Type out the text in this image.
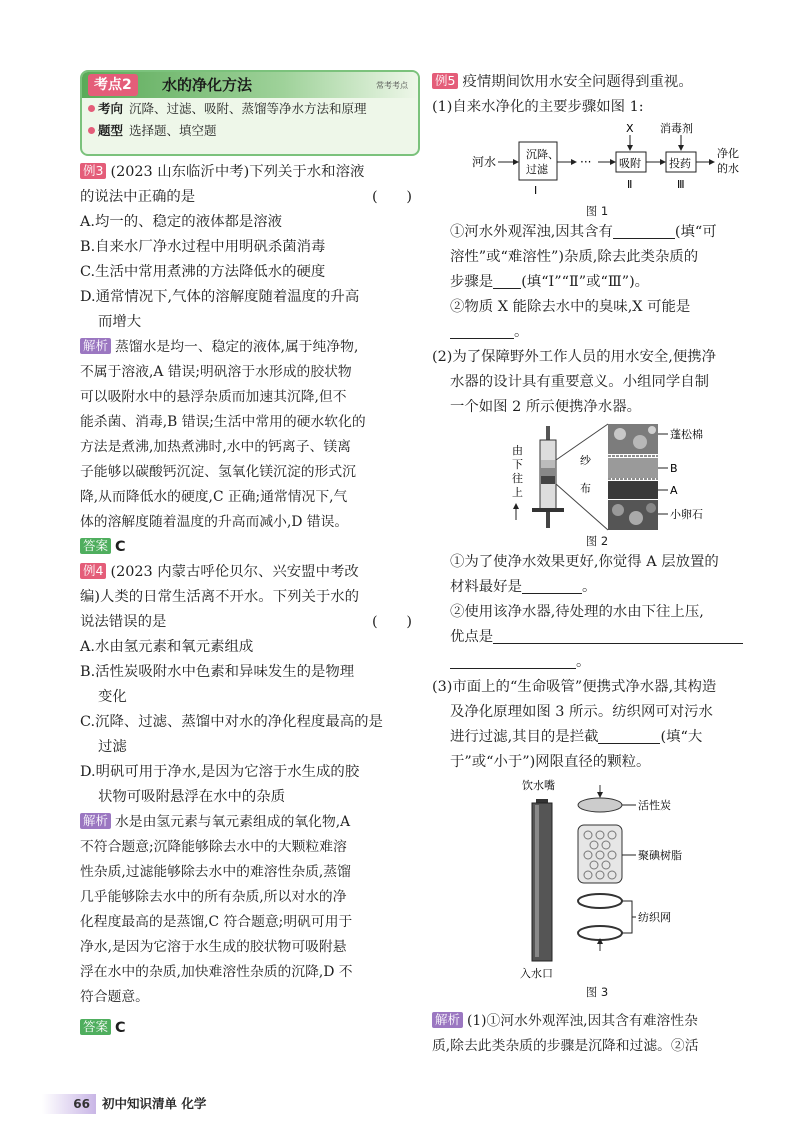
考点2	水的净化方法	常考考点
考向 沉降、过滤、吸附、蒸馏等净水方法和原理
题型 选择题、填空题
例3 (2023 山东临沂中考)下列关于水和溶液
的说法中正确的是	(　　)
A.均一的、稳定的液体都是溶液
B.自来水厂净水过程中用明矾杀菌消毒
C.生活中常用煮沸的方法降低水的硬度
D.通常情况下,气体的溶解度随着温度的升高
而增大
解析 蒸馏水是均一、稳定的液体,属于纯净物,
不属于溶液,A 错误;明矾溶于水形成的胶状物
可以吸附水中的悬浮杂质而加速其沉降,但不
能杀菌、消毒,B 错误;生活中常用的硬水软化的
方法是煮沸,加热煮沸时,水中的钙离子、镁离
子能够以碳酸钙沉淀、氢氧化镁沉淀的形式沉
降,从而降低水的硬度,C 正确;通常情况下,气
体的溶解度随着温度的升高而减小,D 错误。
答案 C
例4 (2023 内蒙古呼伦贝尔、兴安盟中考改
编)人类的日常生活离不开水。下列关于水的
说法错误的是	(　　)
A.水由氢元素和氧元素组成
B.活性炭吸附水中色素和异味发生的是物理
变化
C.沉降、过滤、蒸馏中对水的净化程度最高的是
过滤
D.明矾可用于净水,是因为它溶于水生成的胶
状物可吸附悬浮在水中的杂质
解析 水是由氢元素与氧元素组成的氧化物,A
不符合题意;沉降能够除去水中的大颗粒难溶
性杂质,过滤能够除去水中的难溶性杂质,蒸馏
几乎能够除去水中的所有杂质,所以对水的净
化程度最高的是蒸馏,C 符合题意;明矾可用于
净水,是因为它溶于水生成的胶状物可吸附悬
浮在水中的杂质,加快难溶性杂质的沉降,D 不
符合题意。
答案 C
例5 疫情期间饮用水安全问题得到重视。
(1)自来水净化的主要步骤如图 1:
河水
沉降、
过滤
Ⅰ
···
X
吸附
Ⅱ
消毒剂
投药
Ⅲ
净化
的水
图 1
①河水外观浑浊,因其含有	(填“可
溶性”或“难溶性”)杂质,除去此类杂质的
步骤是 (填“Ⅰ”“Ⅱ”或“Ⅲ”)。
②物质 X 能除去水中的臭味,X 可能是
。
(2)为了保障野外工作人员的用水安全,便携净
水器的设计具有重要意义。小组同学自制
一个如图 2 所示便携净水器。
由
下
往
上
纱
布
蓬松棉
B
A
小卵石
图 2
①为了使净水效果更好,你觉得 A 层放置的
材料最好是	。
②使用该净水器,待处理的水由下往上压,
优点是
。
(3)市面上的“生命吸管”便携式净水器,其构造
及净化原理如图 3 所示。纺织网可对污水
进行过滤,其目的是拦截	(填“大
于”或“小于”)网限直径的颗粒。
饮水嘴
入水口
活性炭
聚碘树脂
纺织网
图 3
解析 (1)①河水外观浑浊,因其含有难溶性杂
质,除去此类杂质的步骤是沉降和过滤。②活
66 初中知识清单 化学
